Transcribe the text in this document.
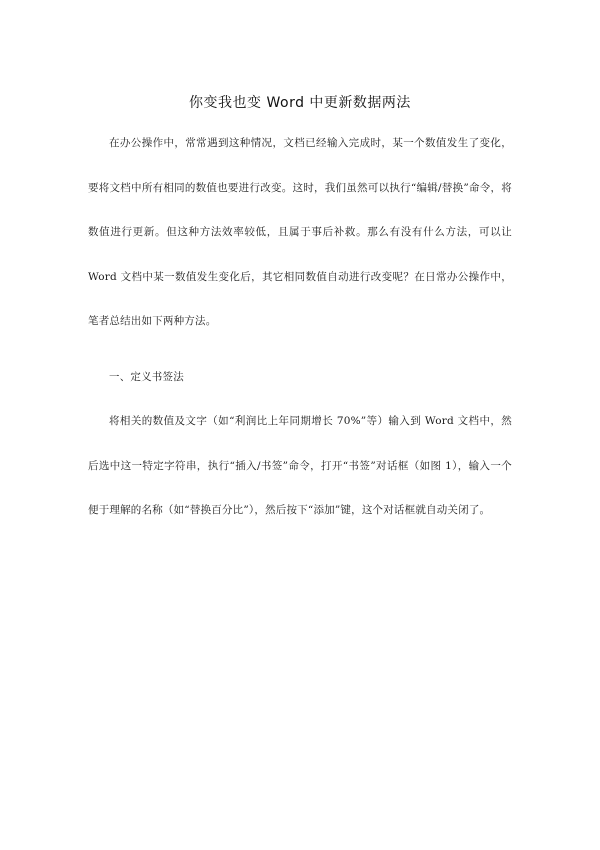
你变我也变 Word 中更新数据两法

在办公操作中，常常遇到这种情况，文档已经输入完成时，某一个数值发生了变化，要将文档中所有相同的数值也要进行改变。这时，我们虽然可以执行“编辑/替换”命令，将数值进行更新。但这种方法效率较低，且属于事后补救。那么有没有什么方法，可以让 Word 文档中某一数值发生变化后，其它相同数值自动进行改变呢？在日常办公操作中，笔者总结出如下两种方法。

一、定义书签法

将相关的数值及文字（如“利润比上年同期增长 70%”等）输入到 Word 文档中，然后选中这一特定字符串，执行“插入/书签”命令，打开“书签”对话框（如图 1），输入一个便于理解的名称（如“替换百分比”），然后按下“添加”键，这个对话框就自动关闭了。
